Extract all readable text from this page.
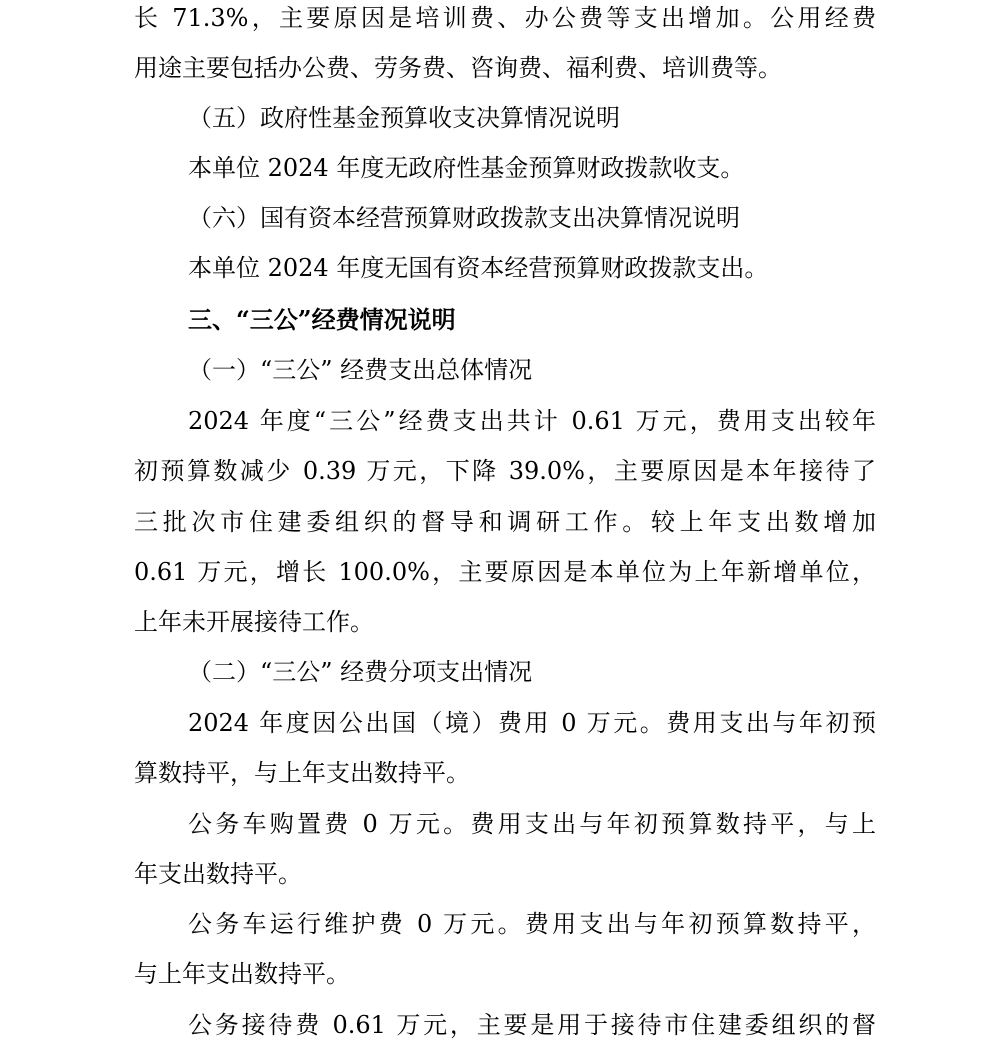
长 71.3%，主要原因是培训费、办公费等支出增加。公用经费
用途主要包括办公费、劳务费、咨询费、福利费、培训费等。
（五）政府性基金预算收支决算情况说明
本单位 2024 年度无政府性基金预算财政拨款收支。
（六）国有资本经营预算财政拨款支出决算情况说明
本单位 2024 年度无国有资本经营预算财政拨款支出。
三、“三公”经费情况说明
（一）“三公” 经费支出总体情况
2024 年度“三公”经费支出共计 0.61 万元，费用支出较年
初预算数减少 0.39 万元，下降 39.0%，主要原因是本年接待了
三批次市住建委组织的督导和调研工作。较上年支出数增加
0.61 万元，增长 100.0%，主要原因是本单位为上年新增单位，
上年未开展接待工作。
（二）“三公” 经费分项支出情况
2024 年度因公出国（境）费用 0 万元。费用支出与年初预
算数持平，与上年支出数持平。
公务车购置费 0 万元。费用支出与年初预算数持平，与上
年支出数持平。
公务车运行维护费 0 万元。费用支出与年初预算数持平，
与上年支出数持平。
公务接待费 0.61 万元，主要是用于接待市住建委组织的督
